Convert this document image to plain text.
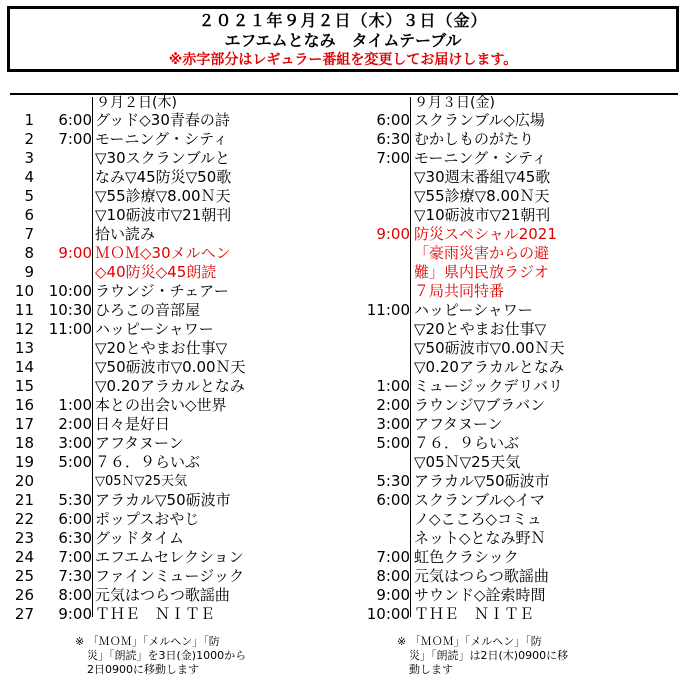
２０２１年９月２日（木）３日（金）
エフエムとなみ　タイムテーブル
※赤字部分はレギュラー番組を変更してお届けします。
９月２日(木)	９月３日(金)
1	6:00 グッド◇30青春の詩	6:00 スクランブル◇広場
2	7:00 モーニング・シティ	6:30 むかしものがたり
3	▽30スクランブルと	7:00 モーニング・シティ
4	なみ▽45防災▽50歌	▽30週末番組▽45歌
5	▽55診療▽8.00Ｎ天	▽55診療▽8.00Ｎ天
6	▽10砺波市▽21朝刊	▽10砺波市▽21朝刊
7	拾い読み	9:00 防災スペシャル2021
8	9:00 ＭＯＭ◇30メルヘン	「豪雨災害からの避
9	◇40防災◇45朗読	難」県内民放ラジオ
10 10:00 ラウンジ・チェアー	７局共同特番
11 10:30 ひろこの音部屋	11:00 ハッピーシャワー
12 11:00 ハッピーシャワー	▽20とやまお仕事▽
13	▽20とやまお仕事▽	▽50砺波市▽0.00Ｎ天
14	▽50砺波市▽0.00Ｎ天	▽0.20アラカルとなみ
15	▽0.20アラカルとなみ	1:00 ミュージックデリバリ
16	1:00 本との出会い◇世界	2:00 ラウンジ▽ブラバン
17	2:00 日々是好日	3:00 アフタヌーン
18	3:00 アフタヌーン	5:00 ７６．９らいぶ
19	5:00 ７６．９らいぶ	▽05Ｎ▽25天気
20	▽05Ｎ▽25天気	5:30 アラカル▽50砺波市
21	5:30 アラカル▽50砺波市	6:00 スクランブル◇イマ
22	6:00 ポップスおやじ	ノ◇こころ◇コミュ
23	6:30 グッドタイム	ネット◇となみ野Ｎ
24	7:00 エフエムセレクション	7:00 虹色クラシック
25	7:30 ファインミュージック	8:00 元気はつらつ歌謡曲
26	8:00 元気はつらつ歌謡曲	9:00 サウンド◇詮索時間
27	9:00 ＴＨＥ　ＮＩＴＥ	10:00 ＴＨＥ　ＮＩＴＥ
※ 「ＭＯＭ」「メルヘン」「防
災」「朗読」を3日(金)1000から
2日0900に移動します
※ 「ＭＯＭ」「メルヘン」「防
災」「朗読」は2日(木)0900に移
動します
